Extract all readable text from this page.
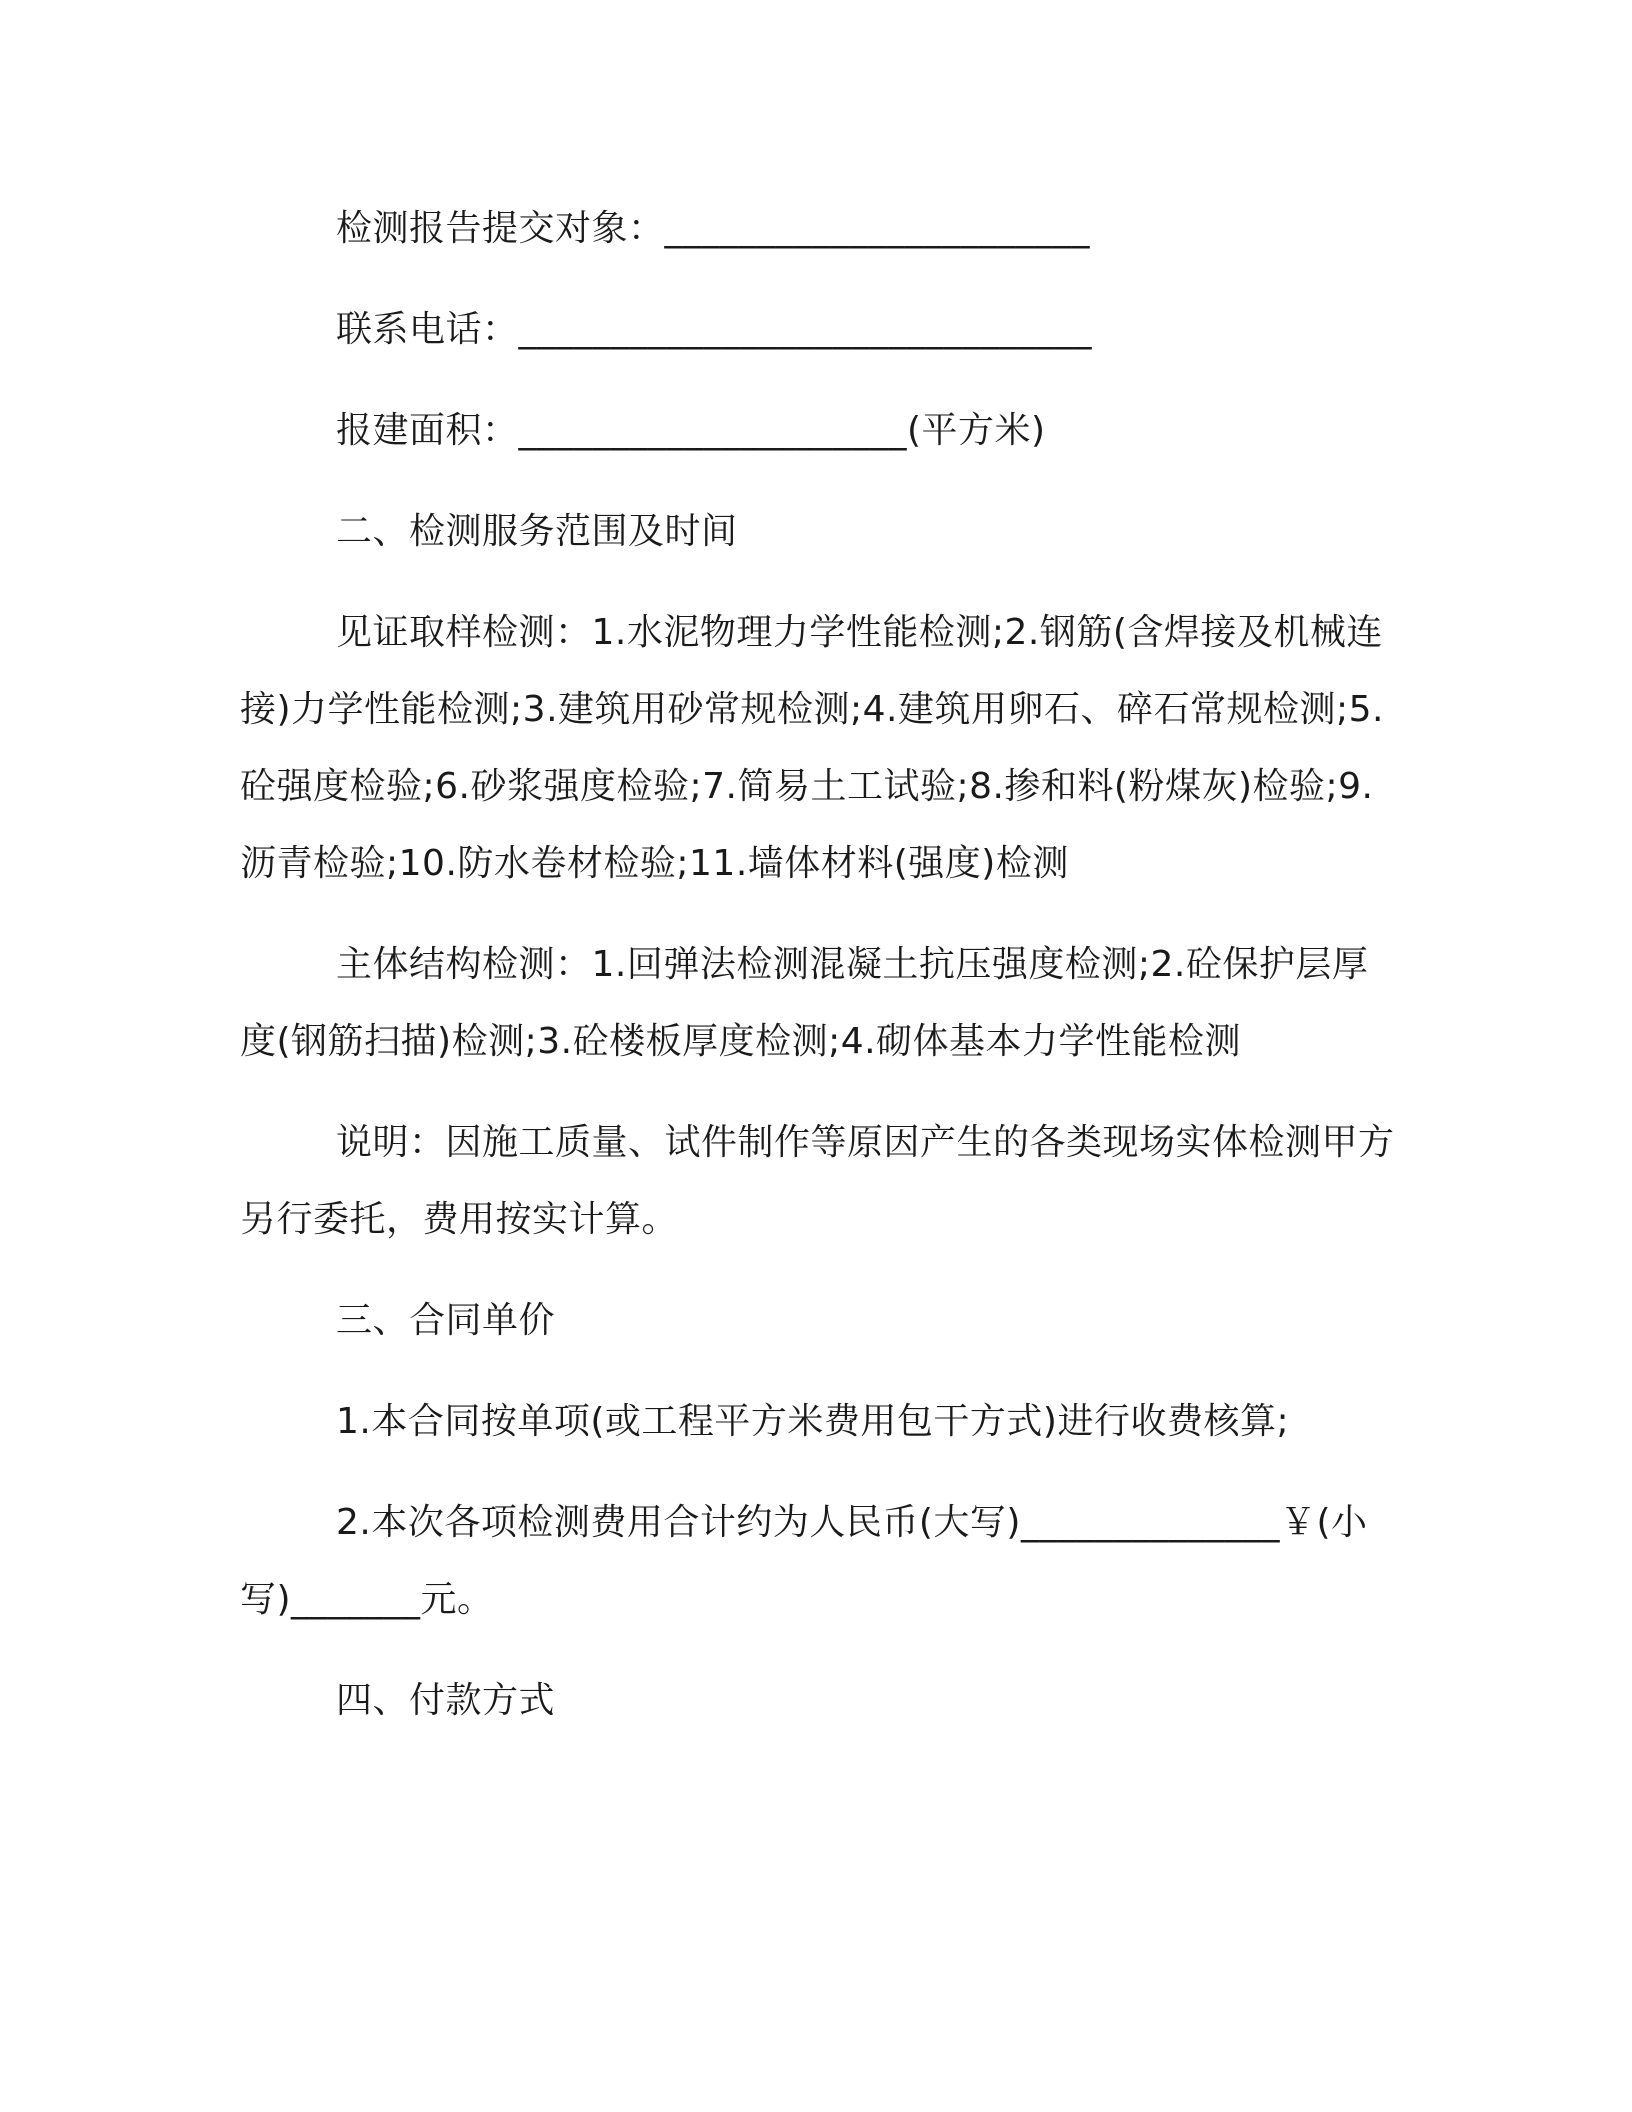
检测报告提交对象：_______________________

联系电话：_______________________________

报建面积：_____________________(平方米)

二、检测服务范围及时间

见证取样检测：1.水泥物理力学性能检测;2.钢筋(含焊接及机械连接)力学性能检测;3.建筑用砂常规检测;4.建筑用卵石、碎石常规检测;5.砼强度检验;6.砂浆强度检验;7.简易土工试验;8.掺和料(粉煤灰)检验;9.沥青检验;10.防水卷材检验;11.墙体材料(强度)检测

主体结构检测：1.回弹法检测混凝土抗压强度检测;2.砼保护层厚度(钢筋扫描)检测;3.砼楼板厚度检测;4.砌体基本力学性能检测

说明：因施工质量、试件制作等原因产生的各类现场实体检测甲方另行委托，费用按实计算。

三、合同单价

1.本合同按单项(或工程平方米费用包干方式)进行收费核算;

2.本次各项检测费用合计约为人民币(大写)______________￥(小写)_______元。

四、付款方式
